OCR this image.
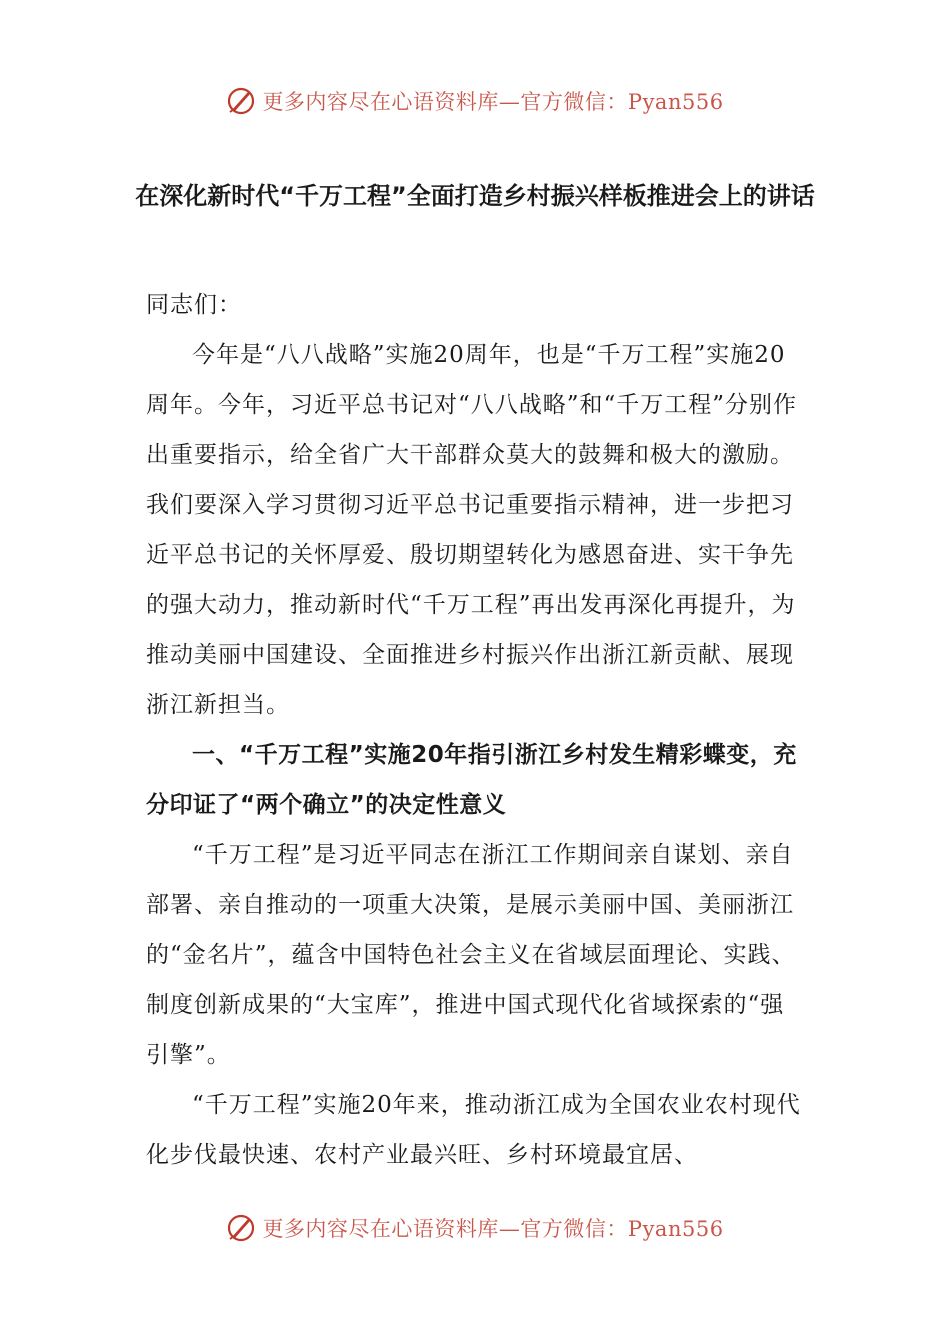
更多内容尽在心语资料库—官方微信：Pyan556
在深化新时代“千万工程”全面打造乡村振兴样板推进会上的讲话

同志们：

今年是“八八战略”实施20周年，也是“千万工程”实施20周年。今年，习近平总书记对“八八战略”和“千万工程”分别作出重要指示，给全省广大干部群众莫大的鼓舞和极大的激励。我们要深入学习贯彻习近平总书记重要指示精神，进一步把习近平总书记的关怀厚爱、殷切期望转化为感恩奋进、实干争先的强大动力，推动新时代“千万工程”再出发再深化再提升，为推动美丽中国建设、全面推进乡村振兴作出浙江新贡献、展现浙江新担当。

一、“千万工程”实施20年指引浙江乡村发生精彩蝶变，充分印证了“两个确立”的决定性意义

“千万工程”是习近平同志在浙江工作期间亲自谋划、亲自部署、亲自推动的一项重大决策，是展示美丽中国、美丽浙江的“金名片”，蕴含中国特色社会主义在省域层面理论、实践、制度创新成果的“大宝库”，推进中国式现代化省域探索的“强引擎”。

“千万工程”实施20年来，推动浙江成为全国农业农村现代化步伐最快速、农村产业最兴旺、乡村环境最宜居、

更多内容尽在心语资料库—官方微信：Pyan556
